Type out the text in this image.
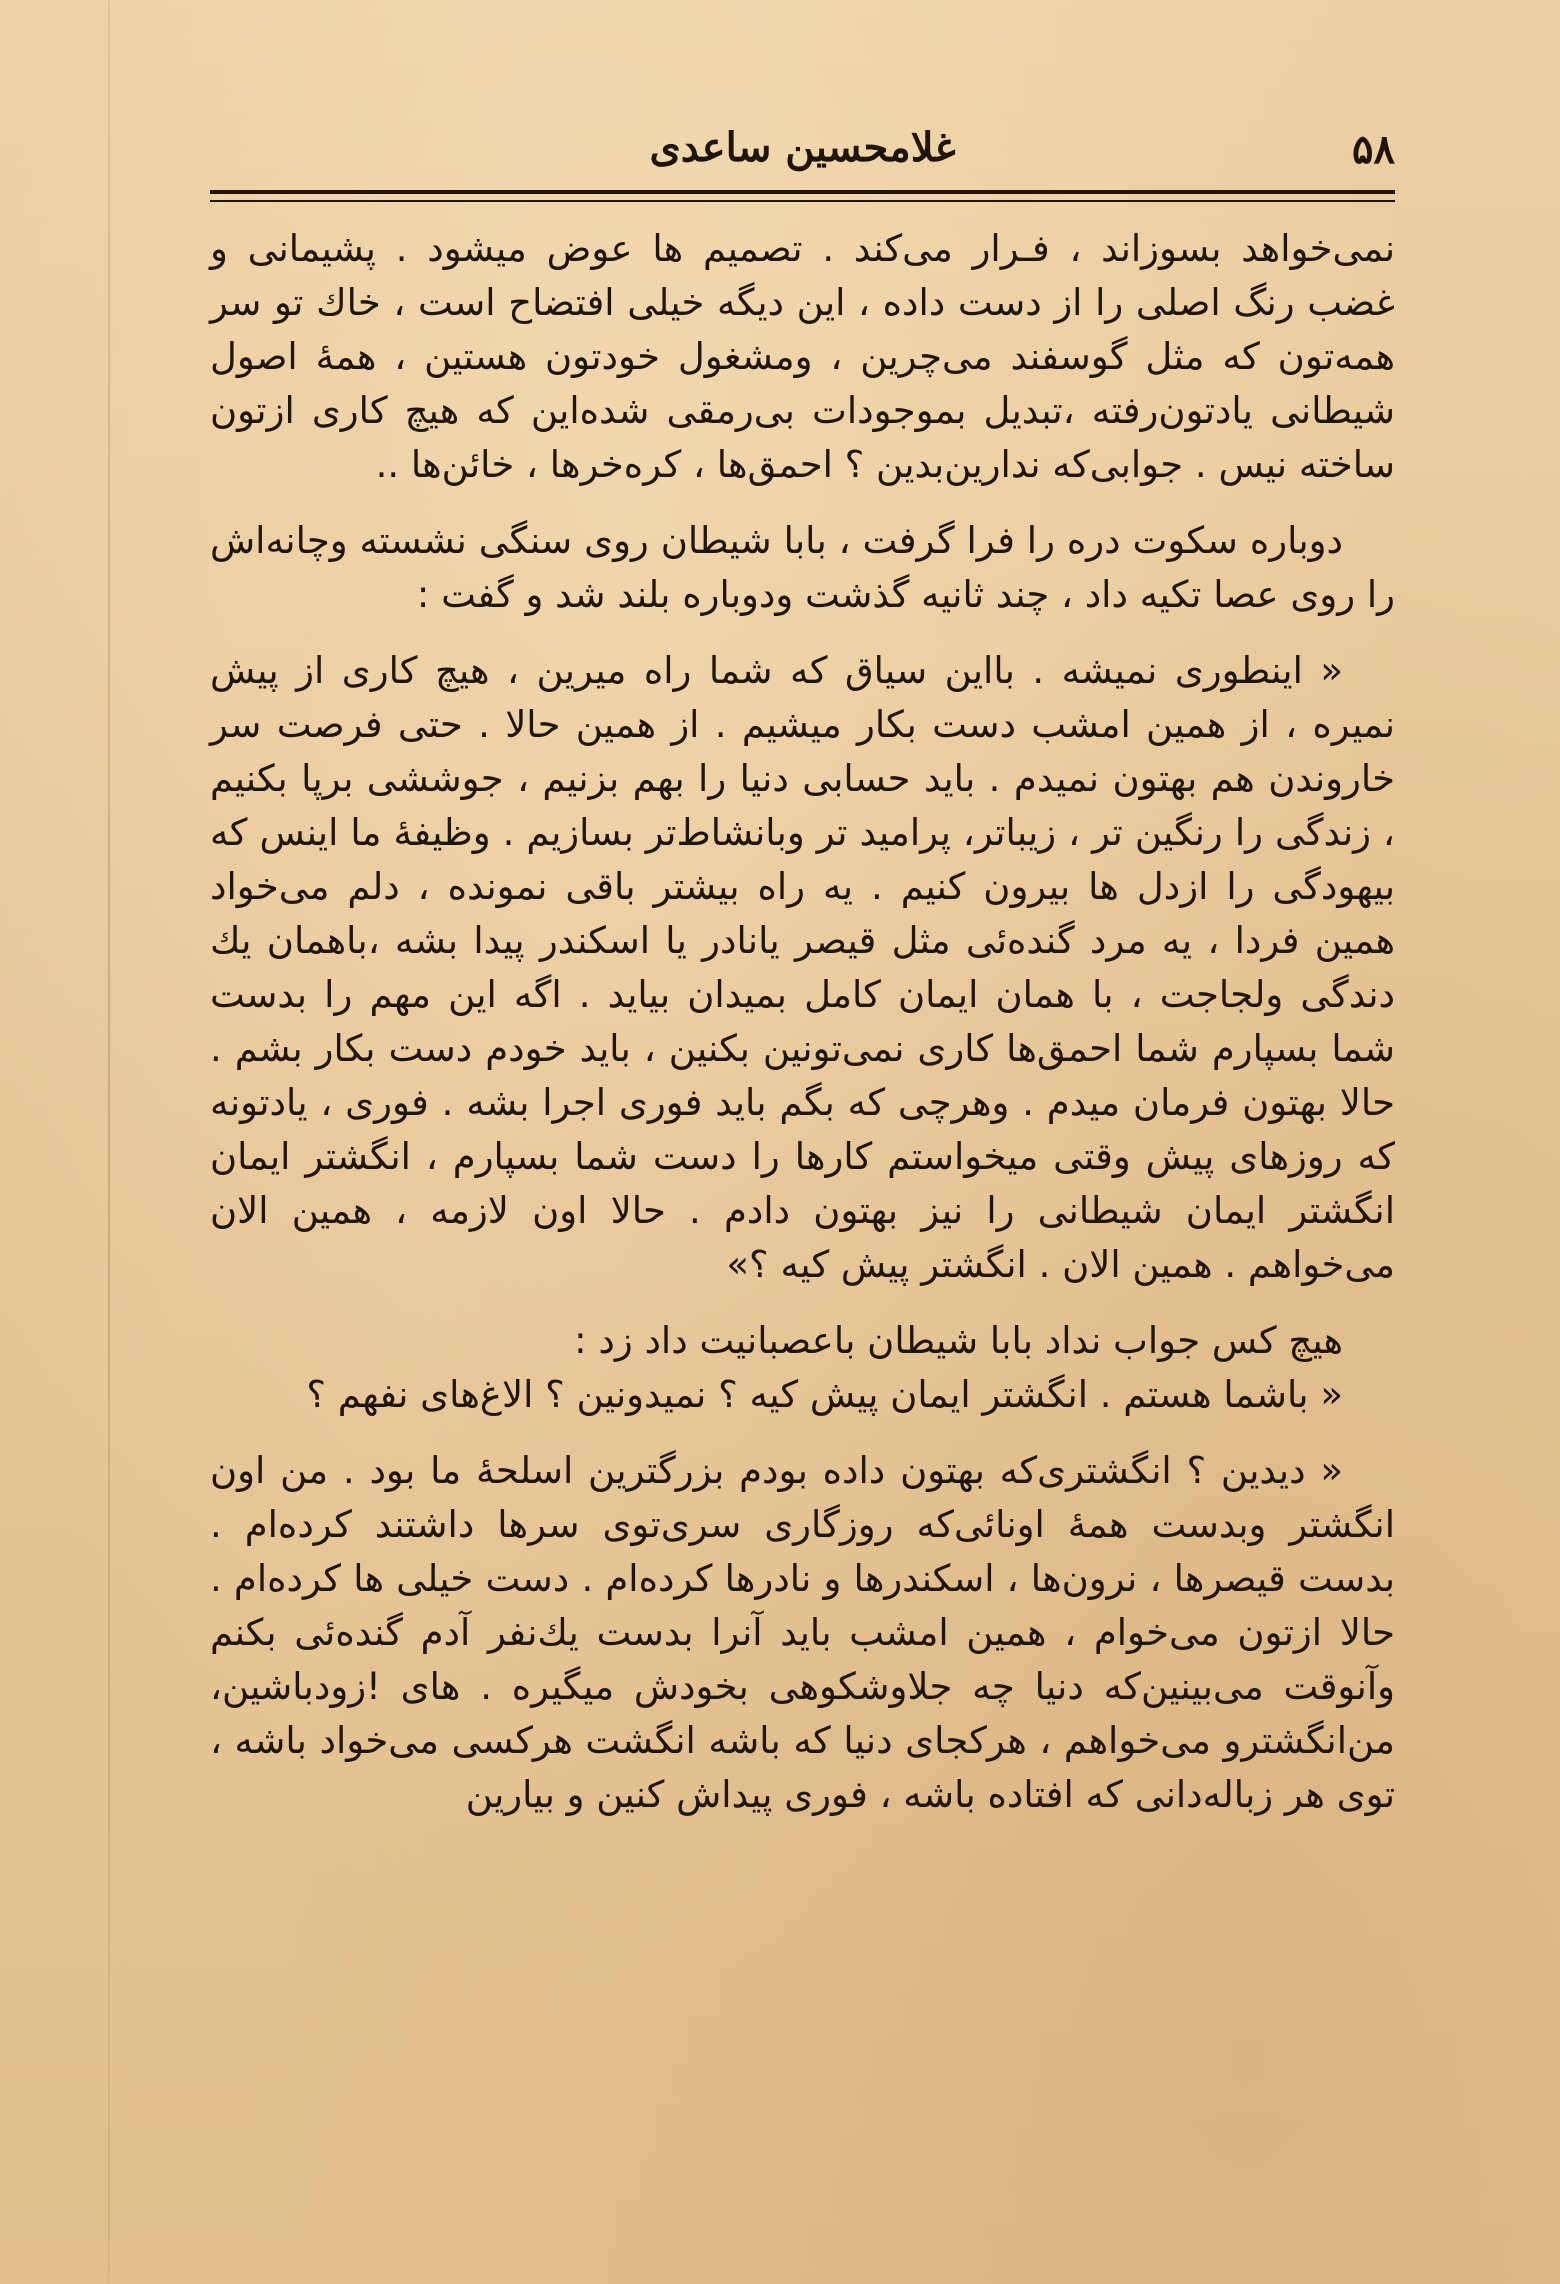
۵۸
غلامحسین ساعدی

نمی‌خواهد بسوزاند ، فـرار می‌کند . تصمیم ها عوض میشود . پشیمانی و غضب رنگ اصلی را از دست داده ، این دیگه خیلی افتضاح است ، خاك تو سر همه‌تون که مثل گوسفند می‌چرین ، ومشغول خودتون هستین ، همهٔ اصول شیطانی یادتون‌رفته ،تبدیل بموجودات بی‌رمقی شده‌این که هیچ کاری ازتون ساخته نیس . جوابی‌که ندارین‌بدین ؟ احمق‌ها ، کره‌خرها ، خائن‌ها ..

دوباره سکوت دره را فرا گرفت ، بابا شیطان روی سنگی نشسته وچانه‌اش را روی عصا تکیه داد ، چند ثانیه گذشت ودوباره بلند شد و گفت :

« اینطوری نمیشه . بااین سیاق که شما راه میرین ، هیچ کاری از پیش نمیره ، از همین امشب دست بکار میشیم . از همین حالا . حتی فرصت سر خاروندن هم بهتون نمیدم . باید حسابی دنیا را بهم بزنیم ، جوششی برپا بکنیم ، زندگی را رنگین تر ، زیباتر، پرامید تر وبانشاط‌تر بسازیم . وظیفهٔ ما اینس که بیهودگی را ازدل ها بیرون کنیم . یه راه بیشتر باقی نمونده ، دلم می‌خواد همین فردا ، یه مرد گنده‌ئی مثل قیصر یانادر یا اسکندر پیدا بشه ،باهمان یك دندگی ولجاجت ، با همان ایمان کامل بمیدان بیاید . اگه این مهم را بدست شما بسپارم شما احمق‌ها کاری نمی‌تونین بکنین ، باید خودم دست بکار بشم . حالا بهتون فرمان میدم . وهرچی که بگم باید فوری اجرا بشه . فوری ، یادتونه که روزهای پیش وقتی میخواستم کارها را دست شما بسپارم ، انگشتر ایمان انگشتر ایمان شیطانی را نیز بهتون دادم . حالا اون لازمه ، همین الان می‌خواهم . همین الان . انگشتر پیش کیه ؟»

هیچ کس جواب نداد بابا شیطان باعصبانیت داد زد :

« باشما هستم . انگشتر ایمان پیش کیه ؟ نمیدونین ؟ الاغ‌های نفهم ؟

« دیدین ؟ انگشتری‌که بهتون داده بودم بزرگترین اسلحهٔ ما بود . من اون انگشتر وبدست همهٔ اونائی‌که روزگاری سری‌توی سرها داشتند کرده‌ام . بدست قیصرها ، نرون‌ها ، اسکندرها و نادرها کرده‌ام . دست خیلی ها کرده‌ام . حالا ازتون می‌خوام ، همین امشب باید آنرا بدست یك‌نفر آدم گنده‌ئی بکنم وآنوقت می‌بینین‌که دنیا چه جلاوشکوهی بخودش میگیره . های !زودباشین، من‌انگشترو می‌خواهم ، هرکجای دنیا که باشه انگشت هرکسی می‌خواد باشه ، توی هر زباله‌دانی که افتاده باشه ، فوری پیداش کنین و بیارین
